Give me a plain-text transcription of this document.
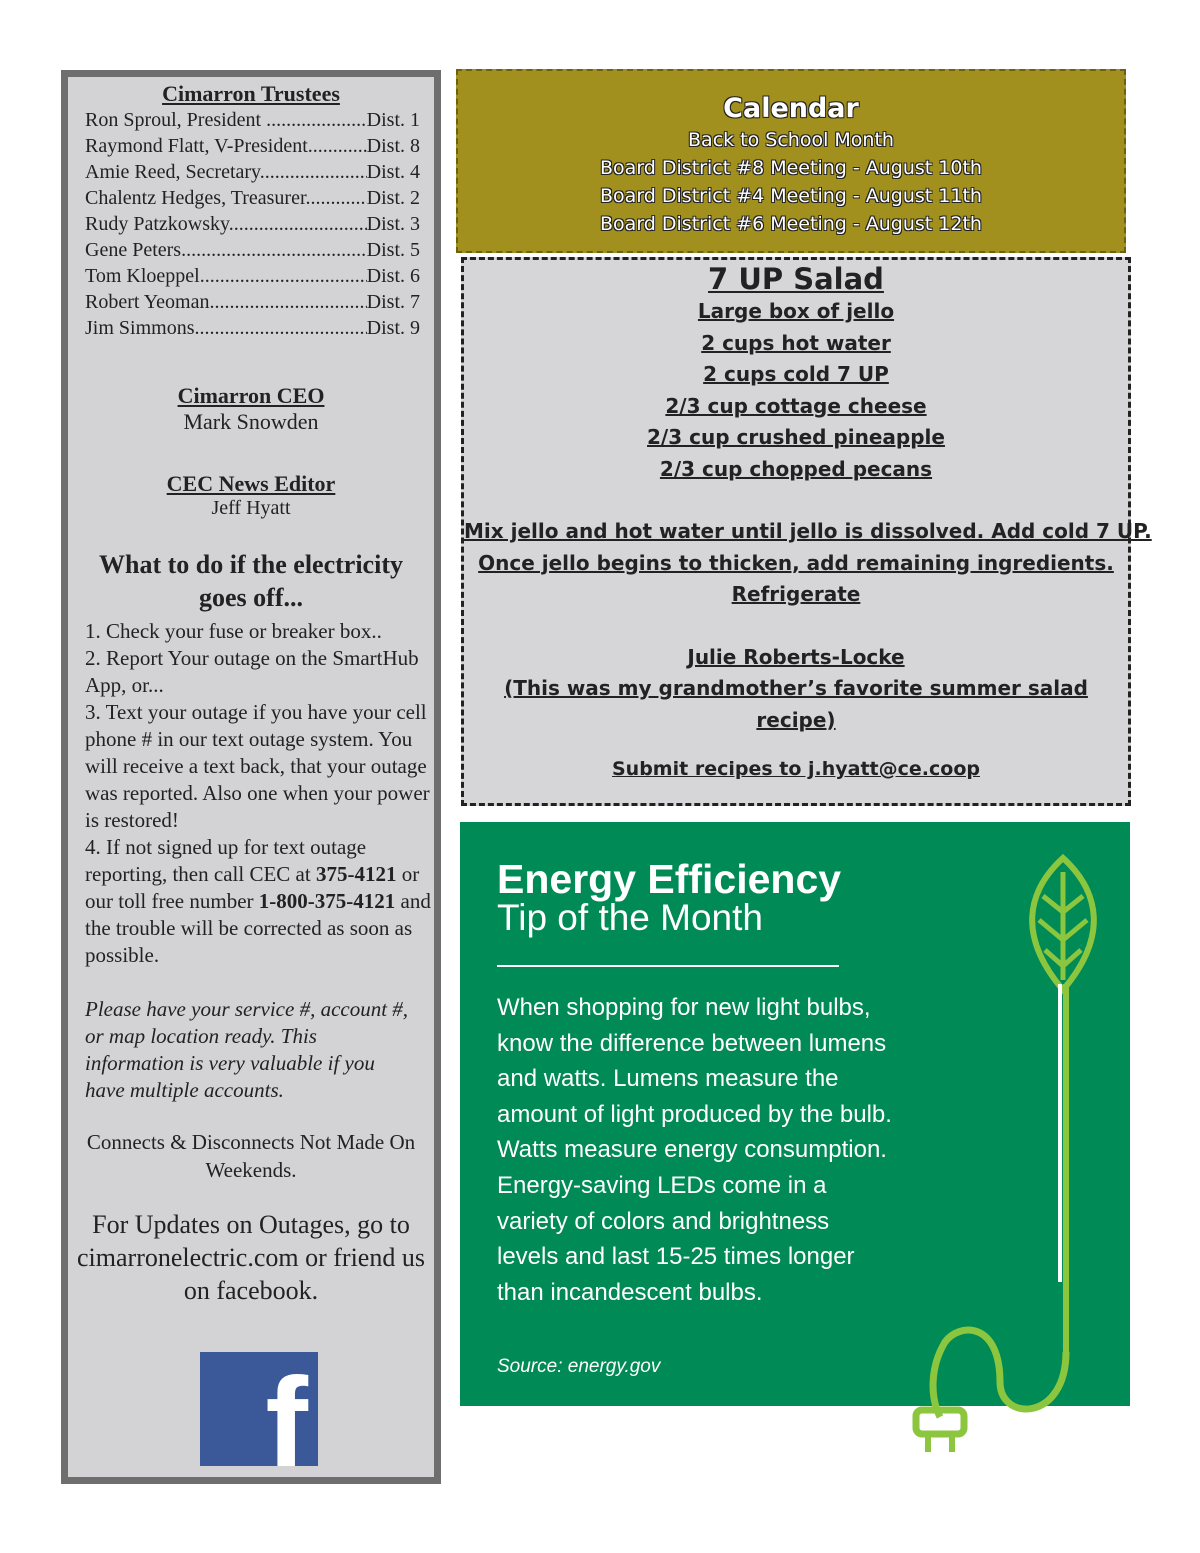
Cimarron Trustees
Ron Sproul, President .....	Dist. 1
Raymond Flatt, V-President .....	Dist. 8
Amie Reed, Secretary .....	Dist. 4
Chalentz Hedges, Treasurer .....	Dist. 2
Rudy Patzkowsky .....	Dist. 3
Gene Peters .....	Dist. 5
Tom Kloeppel .....	Dist. 6
Robert Yeoman .....	Dist. 7
Jim Simmons .....	Dist. 9
Cimarron CEO
Mark Snowden
CEC News Editor
Jeff Hyatt
What to do if the electricity goes off...

1. Check your fuse or breaker box..

2. Report Your outage on the SmartHub App, or...

3. Text your outage if you have your cell phone # in our text outage system. You will receive a text back, that your outage was reported. Also one when your power is restored!

4. If not signed up for text outage reporting, then call CEC at 375-4121 or our toll free number 1-800-375-4121 and the trouble will be corrected as soon as possible.

Please have your service #, account #, or map location ready. This information is very valuable if you have multiple accounts.
Connects & Disconnects Not Made On Weekends.
For Updates on Outages, go to cimarronelectric.com or friend us on facebook.
f
Calendar
Back to School Month
Board District #8 Meeting - August 10th
Board District #4 Meeting - August 11th
Board District #6 Meeting - August 12th
7 UP Salad
Large box of jello
2 cups hot water
2 cups cold 7 UP
2/3 cup cottage cheese
2/3 cup crushed pineapple
2/3 cup chopped pecans
Mix jello and hot water until jello is dissolved. Add cold 7 UP.
Once jello begins to thicken, add remaining ingredients.
Refrigerate
Julie Roberts-Locke
(This was my grandmother’s favorite summer salad recipe)
Submit recipes to j.hyatt@ce.coop
Energy Efficiency
Tip of the Month
When shopping for new light bulbs, know the difference between lumens and watts. Lumens measure the amount of light produced by the bulb. Watts measure energy consumption. Energy-saving LEDs come in a variety of colors and brightness levels and last 15-25 times longer than incandescent bulbs.
Source: energy.gov
